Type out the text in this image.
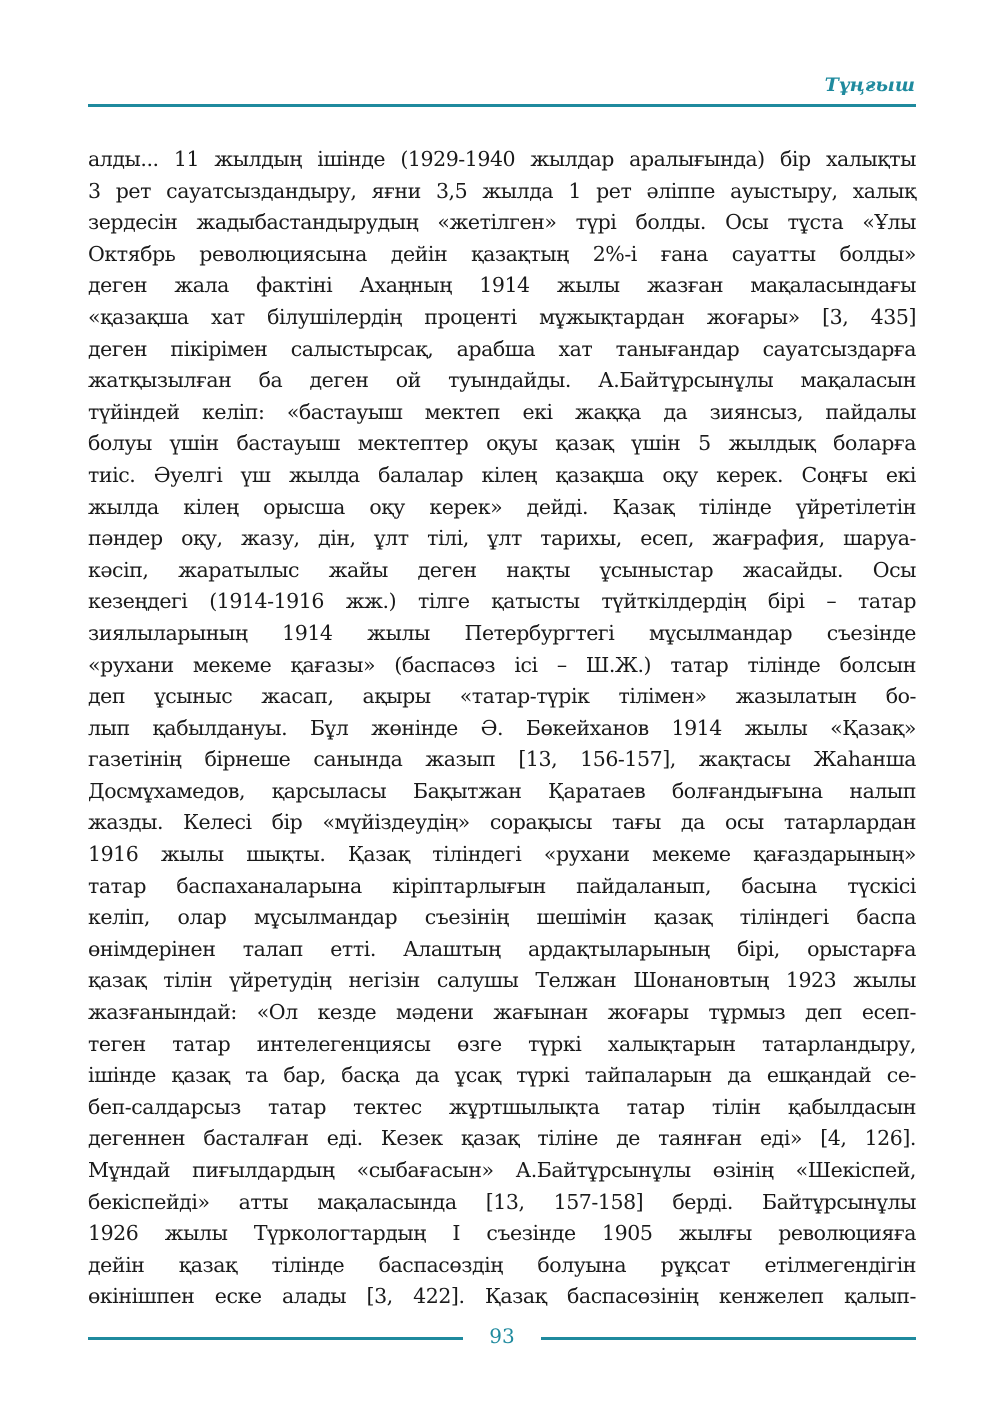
Тұңғыш
алды... 11 жылдың ішінде (1929-1940 жылдар аралығында) бір халықты
3 рет сауатсыздандыру, яғни 3,5 жылда 1 рет әліппе ауыстыру, халық
зердесін жадыбастандырудың «жетілген» түрі болды. Осы тұста «Ұлы
Октябрь революциясына дейін қазақтың 2%-і ғана сауатты болды»
деген жала фактіні Ахаңның 1914 жылы жазған мақаласындағы
«қазақша хат білушілердің проценті мұжықтардан жоғары» [3, 435]
деген пікірімен салыстырсақ, арабша хат танығандар сауатсыздарға
жатқызылған ба деген ой туындайды. А.Байтұрсынұлы мақаласын
түйіндей келіп: «бастауыш мектеп екі жаққа да зиянсыз, пайдалы
болуы үшін бастауыш мектептер оқуы қазақ үшін 5 жылдық боларға
тиіс. Әуелгі үш жылда балалар кілең қазақша оқу керек. Соңғы екі
жылда кілең орысша оқу керек» дейді. Қазақ тілінде үйретілетін
пәндер оқу, жазу, дін, ұлт тілі, ұлт тарихы, есеп, жағрафия, шаруа-
кәсіп, жаратылыс жайы деген нақты ұсыныстар жасайды. Осы
кезеңдегі (1914-1916 жж.) тілге қатысты түйткілдердің бірі – татар
зиялыларының 1914 жылы Петербургтегі мұсылмандар съезінде
«рухани мекеме қағазы» (баспасөз ісі – Ш.Ж.) татар тілінде болсын
деп ұсыныс жасап, ақыры «татар-түрік тілімен» жазылатын бо-
лып қабылдануы. Бұл жөнінде Ә. Бөкейханов 1914 жылы «Қазақ»
газетінің бірнеше санында жазып [13, 156-157], жақтасы Жаһанша
Досмұхамедов, қарсыласы Бақытжан Қаратаев болғандығына налып
жазды. Келесі бір «мүйіздеудің» сорақысы тағы да осы татарлардан
1916 жылы шықты. Қазақ тіліндегі «рухани мекеме қағаздарының»
татар баспаханаларына кіріптарлығын пайдаланып, басына түскісі
келіп, олар мұсылмандар съезінің шешімін қазақ тіліндегі баспа
өнімдерінен талап етті. Алаштың ардақтыларының бірі, орыстарға
қазақ тілін үйретудің негізін салушы Телжан Шонановтың 1923 жылы
жазғанындай: «Ол кезде мәдени жағынан жоғары тұрмыз деп есеп-
теген татар интелегенциясы өзге түркі халықтарын татарландыру,
ішінде қазақ та бар, басқа да ұсақ түркі тайпаларын да ешқандай се-
беп-салдарсыз татар тектес жұртшылықта татар тілін қабылдасын
дегеннен басталған еді. Кезек қазақ тіліне де таянған еді» [4, 126].
Мұндай пиғылдардың «сыбағасын» А.Байтұрсынұлы өзінің «Шекіспей,
бекіспейді» атты мақаласында [13, 157-158] берді. Байтұрсынұлы
1926 жылы Түркологтардың І съезінде 1905 жылғы революцияға
дейін қазақ тілінде баспасөздің болуына рұқсат етілмегендігін
өкінішпен еске алады [3, 422]. Қазақ баспасөзінің кенжелеп қалып-
93
